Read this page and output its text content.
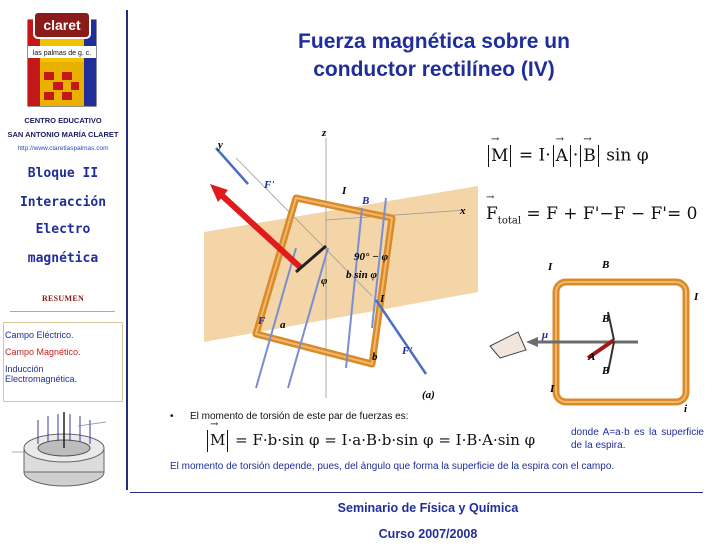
claret
las palmas de g. c.
CENTRO EDUCATIVO
SAN ANTONIO MARÍA CLARET
http://www.claretlaspalmas.com
Bloque II
Interacción
Electro
magnética
RESUMEN
Campo Eléctrico.
Campo Magnético.
Inducción Electromagnética.
Fuerza magnética sobre un
conductor rectilíneo (IV)
(a)
90° − φ
b sin φ
φ
z
x
y
F'
F
F'
B
I
I
a
b
→ M = I· → A · → B sin φ
→ $F_{total} = F + F'-F - F'= 0$
B
B
B
A
μ
I
I
I
i
• El momento de torsión de este par de fuerzas es:
→ M = F·b·sin φ = I·a·B·b·sin φ = I·B·A·sin φ	donde A=a·b es la superficie de la espira.
El momento de torsión depende, pues, del ángulo que forma la superficie de la espira con el campo.
Seminario de Física y Química
Curso 2007/2008
